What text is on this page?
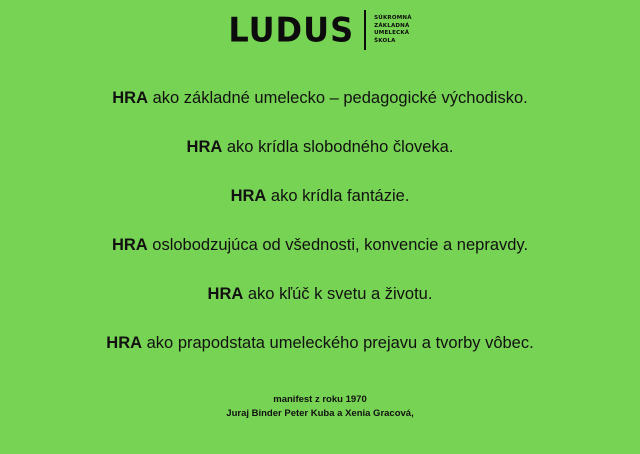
LUDUS	SÚKROMNÁ
ZÁKLADNÁ
UMELECKÁ
ŠKOLA
HRA ako základné umelecko – pedagogické východisko.
HRA ako krídla slobodného človeka.
HRA ako krídla fantázie.
HRA oslobodzujúca od všednosti, konvencie a nepravdy.
HRA ako kľúč k svetu a životu.
HRA ako prapodstata umeleckého prejavu a tvorby vôbec.
manifest z roku 1970
Juraj Binder Peter Kuba a Xenia Gracová,
